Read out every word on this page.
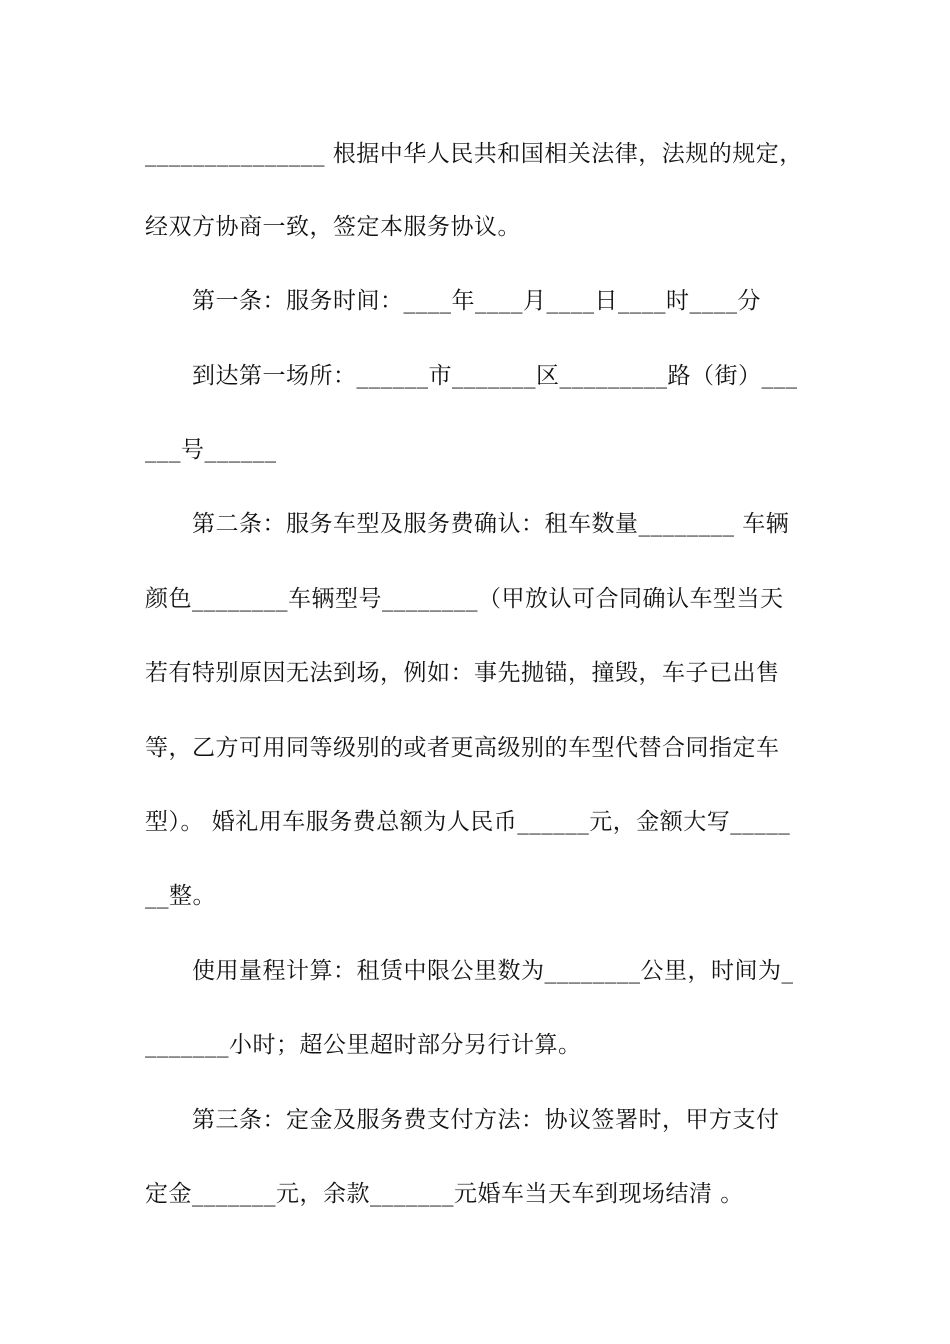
_______________ 根据中华人民共和国相关法律，法规的规定，
经双方协商一致，签定本服务协议。
第一条：服务时间：____年____月____日____时____分
到达第一场所：______市_______区_________路（街）___
___号______
第二条：服务车型及服务费确认：租车数量________ 车辆
颜色________车辆型号________（甲放认可合同确认车型当天
若有特别原因无法到场，例如：事先抛锚，撞毁，车子已出售
等，乙方可用同等级别的或者更高级别的车型代替合同指定车
型）。 婚礼用车服务费总额为人民币______元，金额大写_____
__整。
使用量程计算：租赁中限公里数为________公里，时间为_
_______小时；超公里超时部分另行计算。
第三条：定金及服务费支付方法：协议签署时，甲方支付
定金_______元，余款_______元婚车当天车到现场结清 。
